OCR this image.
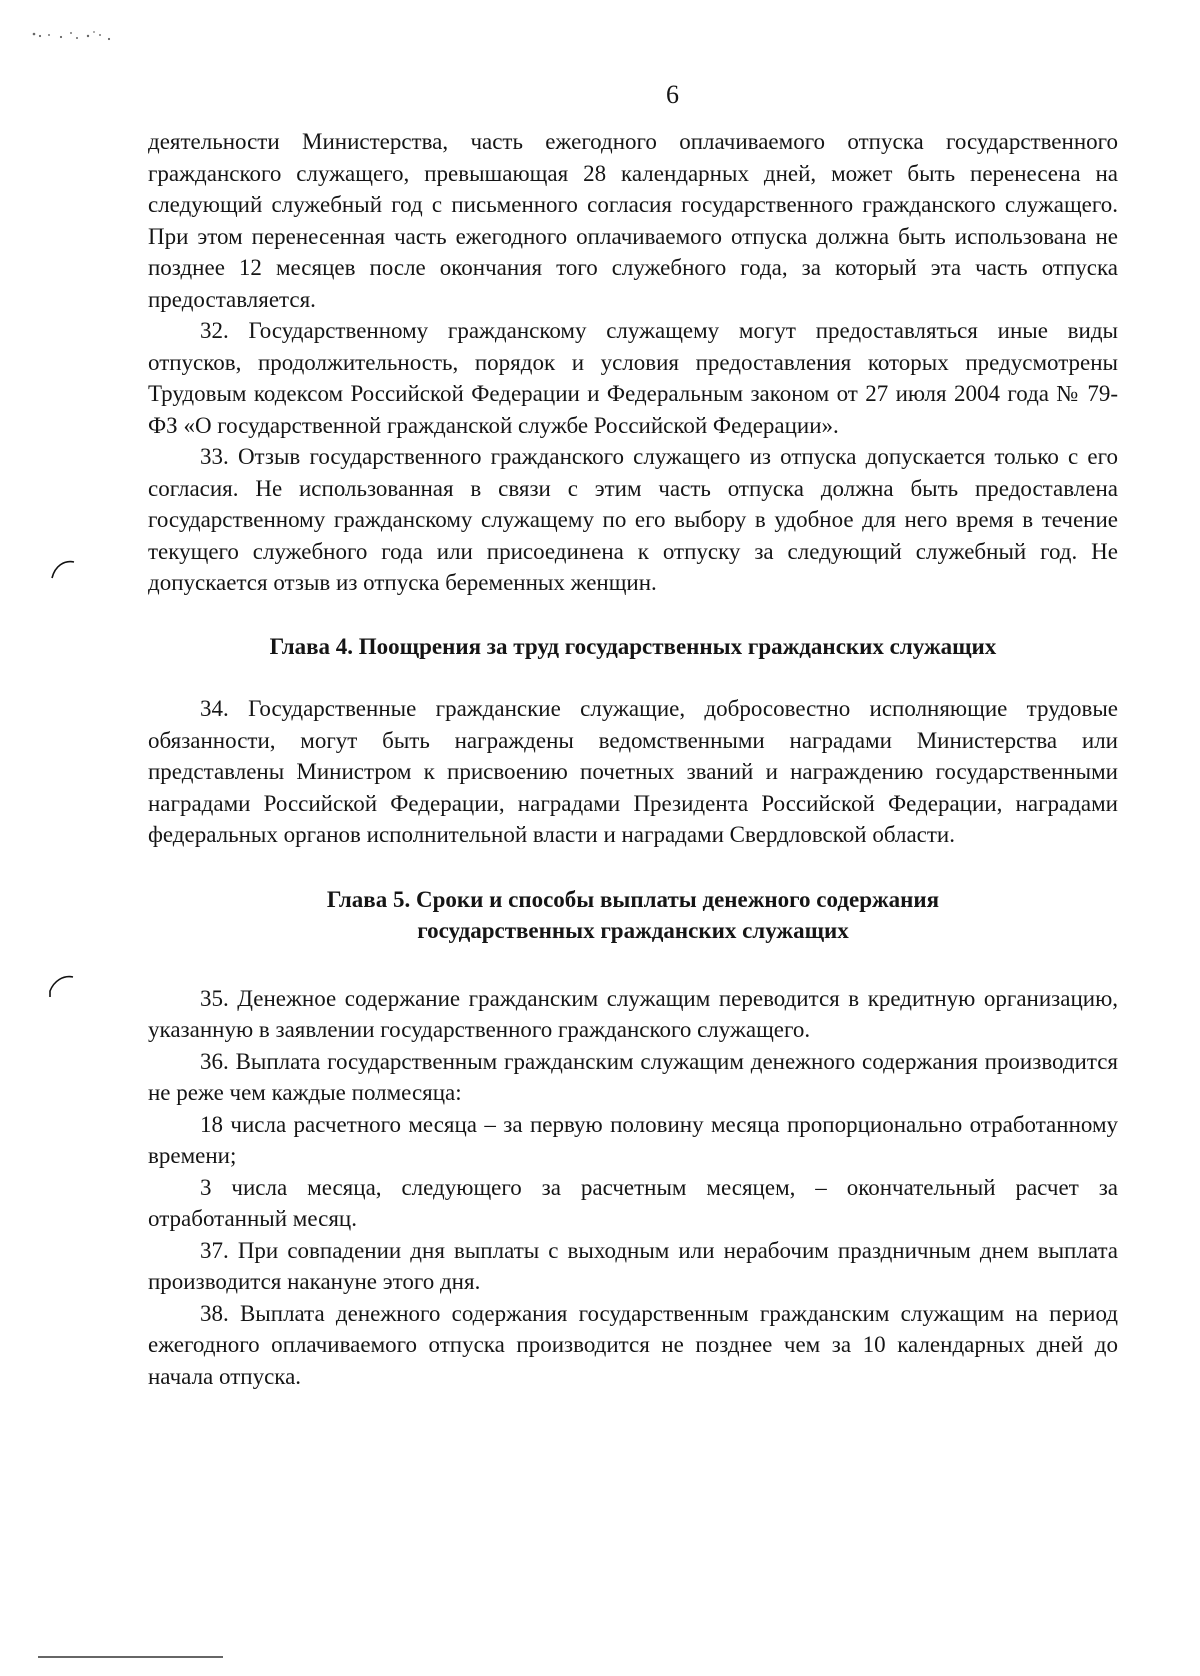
6

деятельности Министерства, часть ежегодного оплачиваемого отпуска государственного гражданского служащего, превышающая 28 календарных дней, может быть перенесена на следующий служебный год с письменного согласия государственного гражданского служащего. При этом перенесенная часть ежегодного оплачиваемого отпуска должна быть использована не позднее 12 месяцев после окончания того служебного года, за который эта часть отпуска предоставляется.

32. Государственному гражданскому служащему могут предоставляться иные виды отпусков, продолжительность, порядок и условия предоставления которых предусмотрены Трудовым кодексом Российской Федерации и Федеральным законом от 27 июля 2004 года № 79-ФЗ «О государственной гражданской службе Российской Федерации».

33. Отзыв государственного гражданского служащего из отпуска допускается только с его согласия. Не использованная в связи с этим часть отпуска должна быть предоставлена государственному гражданскому служащему по его выбору в удобное для него время в течение текущего служебного года или присоединена к отпуску за следующий служебный год. Не допускается отзыв из отпуска беременных женщин.

Глава 4. Поощрения за труд государственных гражданских служащих

34. Государственные гражданские служащие, добросовестно исполняющие трудовые обязанности, могут быть награждены ведомственными наградами Министерства или представлены Министром к присвоению почетных званий и награждению государственными наградами Российской Федерации, наградами Президента Российской Федерации, наградами федеральных органов исполнительной власти и наградами Свердловской области.

Глава 5. Сроки и способы выплаты денежного содержания
государственных гражданских служащих

35. Денежное содержание гражданским служащим переводится в кредитную организацию, указанную в заявлении государственного гражданского служащего.

36. Выплата государственным гражданским служащим денежного содержания производится не реже чем каждые полмесяца:

18 числа расчетного месяца – за первую половину месяца пропорционально отработанному времени;

3 числа месяца, следующего за расчетным месяцем, – окончательный расчет за отработанный месяц.

37. При совпадении дня выплаты с выходным или нерабочим праздничным днем выплата производится накануне этого дня.

38. Выплата денежного содержания государственным гражданским служащим на период ежегодного оплачиваемого отпуска производится не позднее чем за 10 календарных дней до начала отпуска.
